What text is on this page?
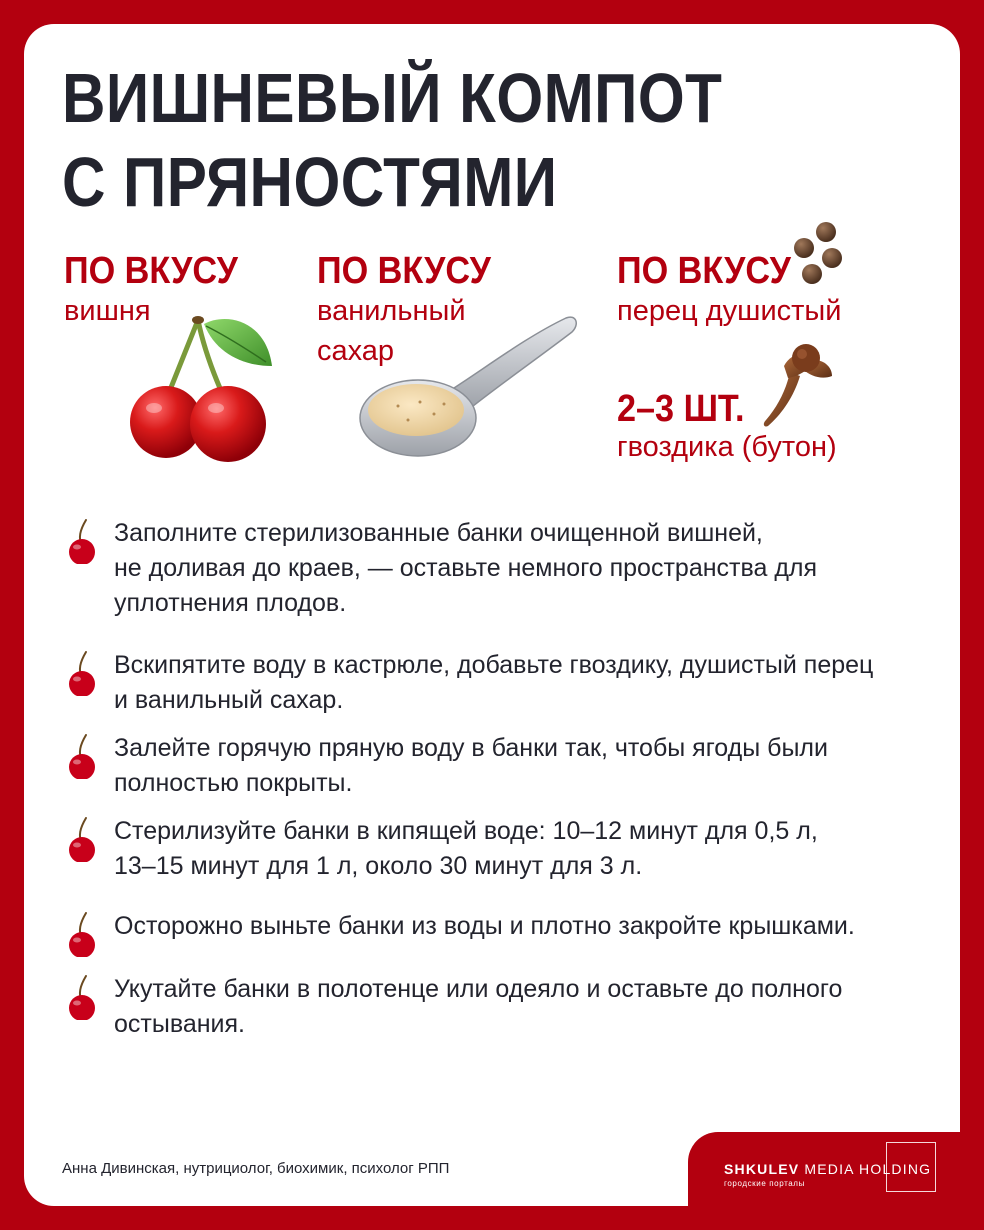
ВИШНЕВЫЙ КОМПОТ
С ПРЯНОСТЯМИ
ПО ВКУСУ
вишня
ПО ВКУСУ
ванильный
сахар
ПО ВКУСУ
перец душистый
2–3 ШТ.
гвоздика (бутон)
Заполните стерилизованные банки очищенной вишней,
не доливая до краев, — оставьте немного пространства для
уплотнения плодов.
Вскипятите воду в кастрюле, добавьте гвоздику, душистый перец
и ванильный сахар.
Залейте горячую пряную воду в банки так, чтобы ягоды были
полностью покрыты.
Стерилизуйте банки в кипящей воде: 10–12 минут для 0,5 л,
13–15 минут для 1 л, около 30 минут для 3 л.
Осторожно выньте банки из воды и плотно закройте крышками.
Укутайте банки в полотенце или одеяло и оставьте до полного
остывания.
Анна Дивинская, нутрициолог, биохимик, психолог РПП	SHKULEV MEDIA HOLDING
городские порталы
